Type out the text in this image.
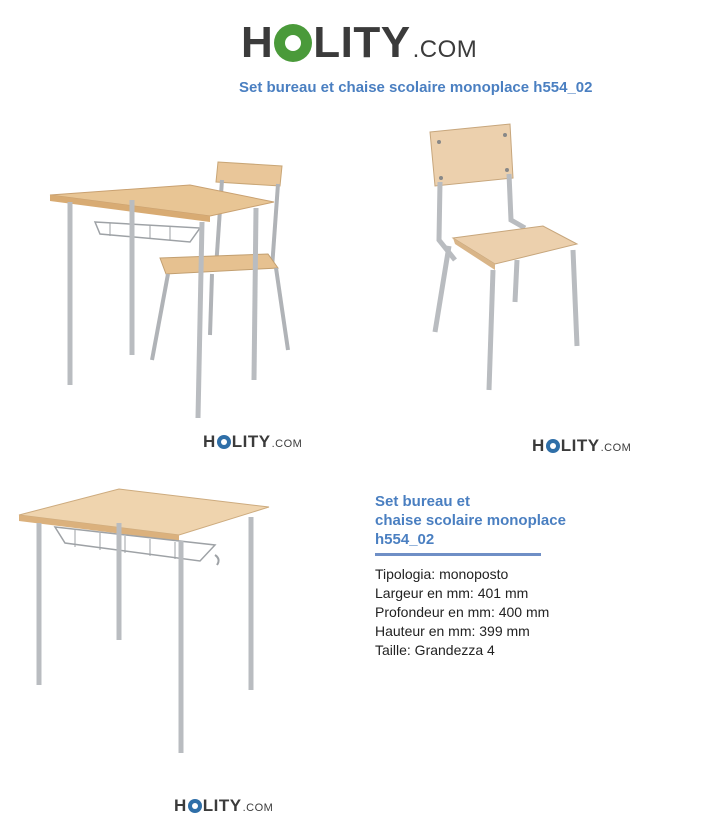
H LITY .COM
Set bureau et chaise scolaire monoplace h554_02
H LITY .COM	H LITY .COM
H LITY .COM
Set bureau et
chaise scolaire monoplace
h554_02
Tipologia: monoposto
Largeur en mm: 401 mm
Profondeur en mm: 400 mm
Hauteur en mm: 399 mm
Taille: Grandezza 4
